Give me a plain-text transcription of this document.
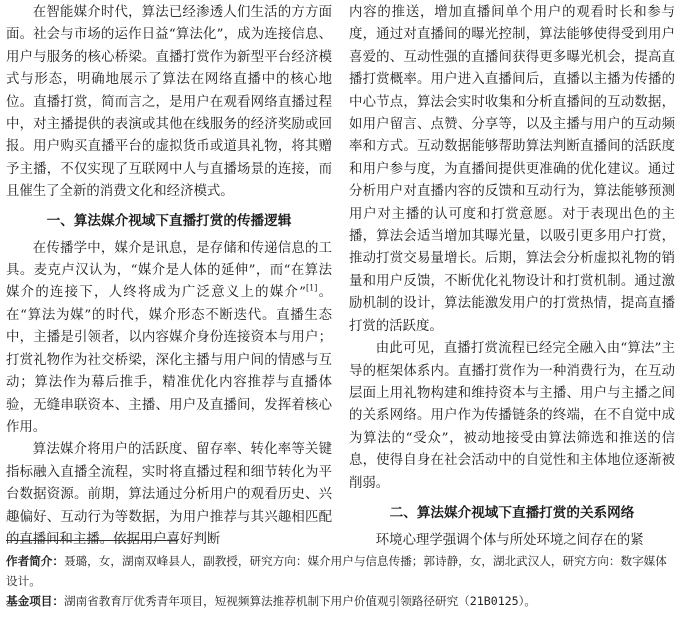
在智能媒介时代，算法已经渗透人们生活的方方面面。社会与市场的运作日益“算法化”，成为连接信息、用户与服务的核心桥梁。直播打赏作为新型平台经济模式与形态，明确地展示了算法在网络直播中的核心地位。直播打赏，简而言之，是用户在观看网络直播过程中，对主播提供的表演或其他在线服务的经济奖励或回报。用户购买直播平台的虚拟货币或道具礼物，将其赠予主播，不仅实现了互联网中人与直播场景的连接，而且催生了全新的消费文化和经济模式。

一、算法媒介视域下直播打赏的传播逻辑

在传播学中，媒介是讯息，是存储和传递信息的工具。麦克卢汉认为，“媒介是人体的延伸”，而“在算法媒介的连接下，人终将成为广泛意义上的媒介”[1]。在“算法为媒”的时代，媒介形态不断迭代。直播生态中，主播是引领者，以内容媒介身份连接资本与用户；打赏礼物作为社交桥梁，深化主播与用户间的情感与互动；算法作为幕后推手，精准优化内容推荐与直播体验，无缝串联资本、主播、用户及直播间，发挥着核心作用。

算法媒介将用户的活跃度、留存率、转化率等关键指标融入直播全流程，实时将直播过程和细节转化为平台数据资源。前期，算法通过分析用户的观看历史、兴趣偏好、互动行为等数据，为用户推荐与其兴趣相匹配的直播间和主播。依据用户喜好判断

内容的推送，增加直播间单个用户的观看时长和参与度，通过对直播间的曝光控制，算法能够使得受到用户喜爱的、互动性强的直播间获得更多曝光机会，提高直播打赏概率。用户进入直播间后，直播以主播为传播的中心节点，算法会实时收集和分析直播间的互动数据，如用户留言、点赞、分享等，以及主播与用户的互动频率和方式。互动数据能够帮助算法判断直播间的活跃度和用户参与度，为直播间提供更准确的优化建议。通过分析用户对直播内容的反馈和互动行为，算法能够预测用户对主播的认可度和打赏意愿。对于表现出色的主播，算法会适当增加其曝光量，以吸引更多用户打赏，推动打赏交易量增长。后期，算法会分析虚拟礼物的销量和用户反馈，不断优化礼物设计和打赏机制。通过激励机制的设计，算法能激发用户的打赏热情，提高直播打赏的活跃度。

由此可见，直播打赏流程已经完全融入由“算法”主导的框架体系内。直播打赏作为一种消费行为，在互动层面上用礼物构建和维持资本与主播、用户与主播之间的关系网络。用户作为传播链条的终端，在不自觉中成为算法的“受众”，被动地接受由算法筛选和推送的信息，使得自身在社会活动中的自觉性和主体地位逐渐被削弱。

二、算法媒介视域下直播打赏的关系网络

环境心理学强调个体与所处环境之间存在的紧

作者简介：聂璐，女，湖南双峰县人，副教授，研究方向：媒介用户与信息传播；郭诗静，女，湖北武汉人，研究方向：数字媒体设计。

基金项目：湖南省教育厅优秀青年项目，短视频算法推荐机制下用户价值观引领路径研究（21B0125）。
